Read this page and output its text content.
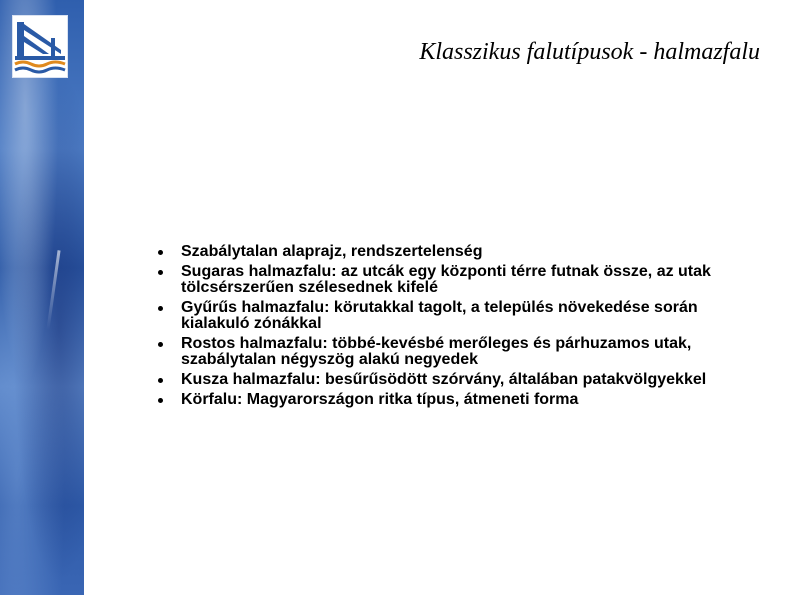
Klasszikus falutípusok - halmazfalu
Szabálytalan alaprajz, rendszertelenség
Sugaras halmazfalu: az utcák egy központi térre futnak össze, az utak tölcsérszerűen szélesednek kifelé
Gyűrűs halmazfalu: körutakkal tagolt, a település növekedése során kialakuló zónákkal
Rostos halmazfalu: többé-kevésbé merőleges és párhuzamos utak, szabálytalan négyszög alakú negyedek
Kusza halmazfalu: besűrűsödött szórvány, általában patakvölgyekkel
Körfalu: Magyarországon ritka típus, átmeneti forma
